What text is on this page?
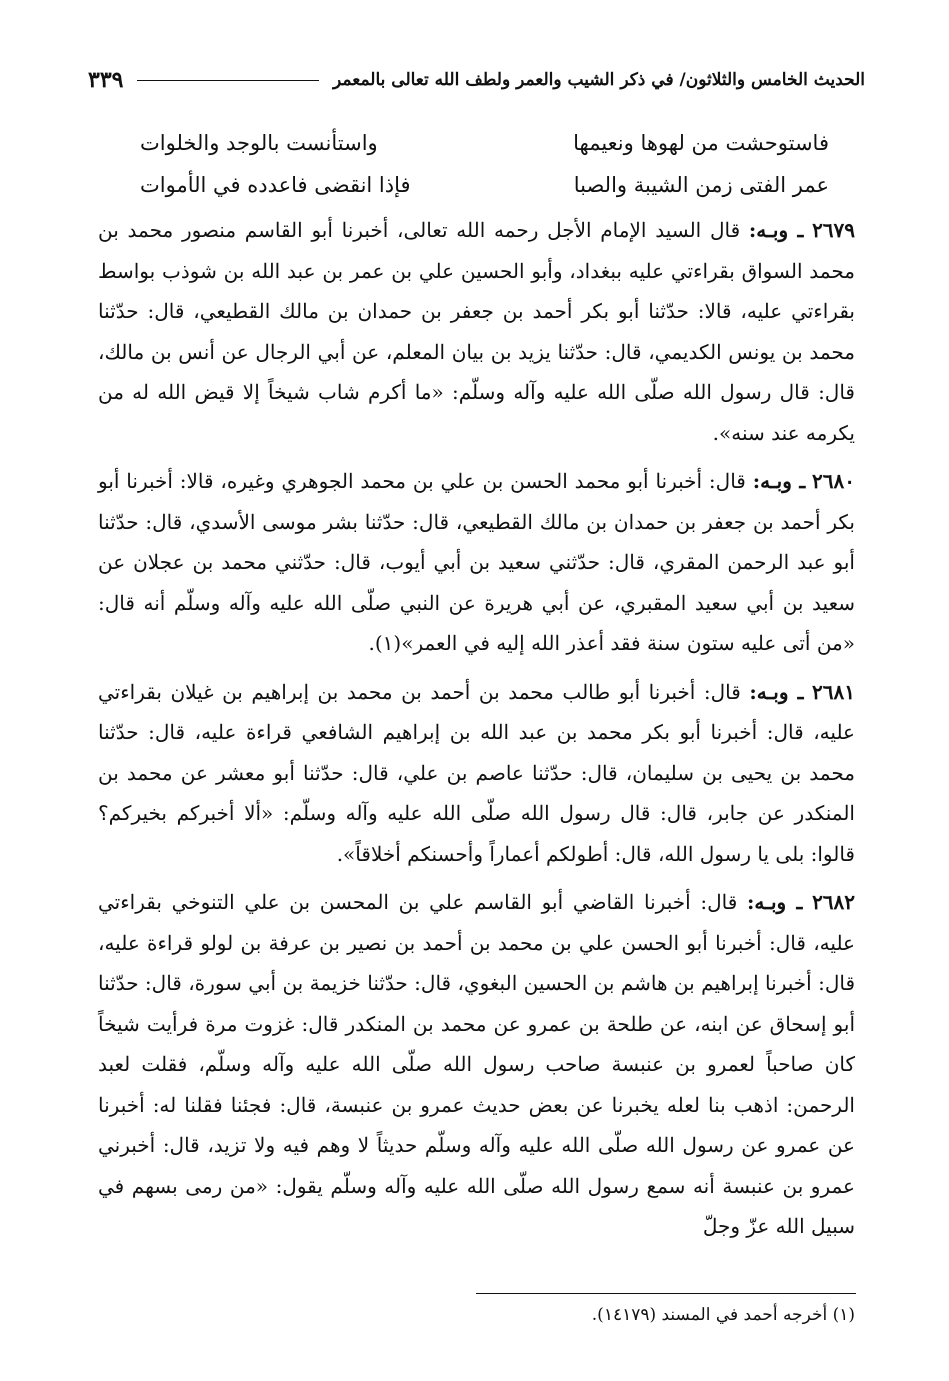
الحديث الخامس والثلاثون/ في ذكر الشيب والعمر ولطف الله تعالى بالمعمر
٣٣٩
فاستوحشت من لهوها ونعيمها
واستأنست بالوجد والخلوات
عمر الفتى زمن الشيبة والصبا
فإذا انقضى فاعدده في الأموات

٢٦٧٩ ـ وبـه: قال السيد الإمام الأجل رحمه الله تعالى، أخبرنا أبو القاسم منصور محمد بن محمد السواق بقراءتي عليه ببغداد، وأبو الحسين علي بن عمر بن عبد الله بن شوذب بواسط بقراءتي عليه، قالا: حدّثنا أبو بكر أحمد بن جعفر بن حمدان بن مالك القطيعي، قال: حدّثنا محمد بن يونس الكديمي، قال: حدّثنا يزيد بن بيان المعلم، عن أبي الرجال عن أنس بن مالك، قال: قال رسول الله صلّى الله عليه وآله وسلّم: «ما أكرم شاب شيخاً إلا قيض الله له من يكرمه عند سنه».

٢٦٨٠ ـ وبـه: قال: أخبرنا أبو محمد الحسن بن علي بن محمد الجوهري وغيره، قالا: أخبرنا أبو بكر أحمد بن جعفر بن حمدان بن مالك القطيعي، قال: حدّثنا بشر موسى الأسدي، قال: حدّثنا أبو عبد الرحمن المقري، قال: حدّثني سعيد بن أبي أيوب، قال: حدّثني محمد بن عجلان عن سعيد بن أبي سعيد المقبري، عن أبي هريرة عن النبي صلّى الله عليه وآله وسلّم أنه قال: «من أتى عليه ستون سنة فقد أعذر الله إليه في العمر»(١).

٢٦٨١ ـ وبـه: قال: أخبرنا أبو طالب محمد بن أحمد بن محمد بن إبراهيم بن غيلان بقراءتي عليه، قال: أخبرنا أبو بكر محمد بن عبد الله بن إبراهيم الشافعي قراءة عليه، قال: حدّثنا محمد بن يحيى بن سليمان، قال: حدّثنا عاصم بن علي، قال: حدّثنا أبو معشر عن محمد بن المنكدر عن جابر، قال: قال رسول الله صلّى الله عليه وآله وسلّم: «ألا أخبركم بخيركم؟ قالوا: بلى يا رسول الله، قال: أطولكم أعماراً وأحسنكم أخلاقاً».

٢٦٨٢ ـ وبـه: قال: أخبرنا القاضي أبو القاسم علي بن المحسن بن علي التنوخي بقراءتي عليه، قال: أخبرنا أبو الحسن علي بن محمد بن أحمد بن نصير بن عرفة بن لولو قراءة عليه، قال: أخبرنا إبراهيم بن هاشم بن الحسين البغوي، قال: حدّثنا خزيمة بن أبي سورة، قال: حدّثنا أبو إسحاق عن ابنه، عن طلحة بن عمرو عن محمد بن المنكدر قال: غزوت مرة فرأيت شيخاً كان صاحباً لعمرو بن عنبسة صاحب رسول الله صلّى الله عليه وآله وسلّم، فقلت لعبد الرحمن: اذهب بنا لعله يخبرنا عن بعض حديث عمرو بن عنبسة، قال: فجئنا فقلنا له: أخبرنا عن عمرو عن رسول الله صلّى الله عليه وآله وسلّم حديثاً لا وهم فيه ولا تزيد، قال: أخبرني عمرو بن عنبسة أنه سمع رسول الله صلّى الله عليه وآله وسلّم يقول: «من رمى بسهم في سبيل الله عزّ وجلّ

(١) أخرجه أحمد في المسند (١٤١٧٩).
